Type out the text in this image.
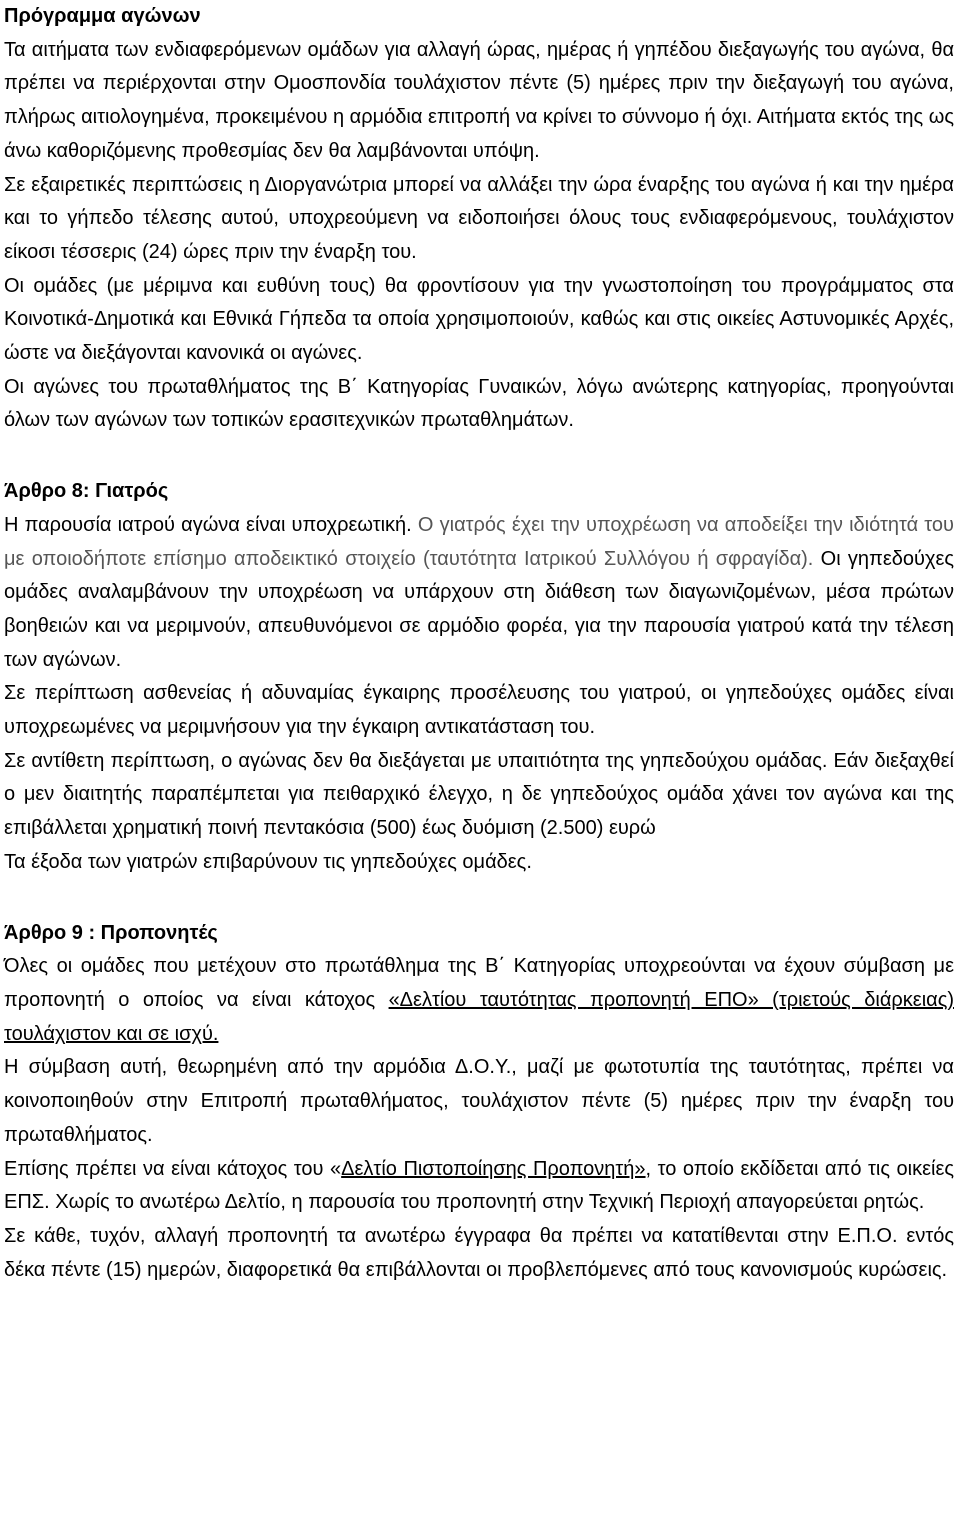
Πρόγραμμα αγώνων

Τα αιτήματα των ενδιαφερόμενων ομάδων για αλλαγή ώρας, ημέρας ή γηπέδου διεξαγωγής του αγώνα, θα πρέπει να περιέρχονται στην Ομοσπονδία τουλάχιστον πέντε (5) ημέρες πριν την διεξαγωγή του αγώνα, πλήρως αιτιολογημένα, προκειμένου η αρμόδια επιτροπή να κρίνει το σύννομο ή όχι. Αιτήματα εκτός της ως άνω καθοριζόμενης προθεσμίας δεν θα λαμβάνονται υπόψη.

Σε εξαιρετικές περιπτώσεις η Διοργανώτρια μπορεί να αλλάξει την ώρα έναρξης του αγώνα ή και την ημέρα και το γήπεδο τέλεσης αυτού, υποχρεούμενη να ειδοποιήσει όλους τους ενδιαφερόμενους, τουλάχιστον είκοσι τέσσερις (24) ώρες πριν την έναρξη του.

Οι ομάδες (με μέριμνα και ευθύνη τους) θα φροντίσουν για την γνωστοποίηση του προγράμματος στα Κοινοτικά-Δημοτικά και Εθνικά Γήπεδα τα οποία χρησιμοποιούν, καθώς και στις οικείες Αστυνομικές Αρχές, ώστε να διεξάγονται κανονικά οι αγώνες.

Οι αγώνες του πρωταθλήματος της Β΄ Κατηγορίας Γυναικών, λόγω ανώτερης κατηγορίας, προηγούνται όλων των αγώνων των τοπικών ερασιτεχνικών πρωταθλημάτων.

Άρθρο 8: Γιατρός

Η παρουσία ιατρού αγώνα είναι υποχρεωτική. Ο γιατρός έχει την υποχρέωση να αποδείξει την ιδιότητά του με οποιοδήποτε επίσημο αποδεικτικό στοιχείο (ταυτότητα Ιατρικού Συλλόγου ή σφραγίδα). Οι γηπεδούχες ομάδες αναλαμβάνουν την υποχρέωση να υπάρχουν στη διάθεση των διαγωνιζομένων, μέσα πρώτων βοηθειών και να μεριμνούν, απευθυνόμενοι σε αρμόδιο φορέα, για την παρουσία γιατρού κατά την τέλεση των αγώνων.

Σε περίπτωση ασθενείας ή αδυναμίας έγκαιρης προσέλευσης του γιατρού, οι γηπεδούχες ομάδες είναι υποχρεωμένες να μεριμνήσουν για την έγκαιρη αντικατάσταση του.

Σε αντίθετη περίπτωση, ο αγώνας δεν θα διεξάγεται με υπαιτιότητα της γηπεδούχου ομάδας. Εάν διεξαχθεί ο μεν διαιτητής παραπέμπεται για πειθαρχικό έλεγχο, η δε γηπεδούχος ομάδα χάνει τον αγώνα και της επιβάλλεται χρηματική ποινή πεντακόσια (500) έως δυόμιση (2.500) ευρώ

Τα έξοδα των γιατρών επιβαρύνουν τις γηπεδούχες ομάδες.

Άρθρο 9 : Προπονητές

Όλες οι ομάδες που μετέχουν στο πρωτάθλημα της Β΄ Κατηγορίας υποχρεούνται να έχουν σύμβαση με προπονητή ο οποίος να είναι κάτοχος «Δελτίου ταυτότητας προπονητή ΕΠΟ» (τριετούς διάρκειας) τουλάχιστον και σε ισχύ.

Η σύμβαση αυτή, θεωρημένη από την αρμόδια Δ.Ο.Υ., μαζί με φωτοτυπία της ταυτότητας, πρέπει να κοινοποιηθούν στην Επιτροπή πρωταθλήματος, τουλάχιστον πέντε (5) ημέρες πριν την έναρξη του πρωταθλήματος.

Επίσης πρέπει να είναι κάτοχος του «Δελτίο Πιστοποίησης Προπονητή», το οποίο εκδίδεται από τις οικείες ΕΠΣ. Χωρίς το ανωτέρω Δελτίο, η παρουσία του προπονητή στην Τεχνική Περιοχή απαγορεύεται ρητώς.

Σε κάθε, τυχόν, αλλαγή προπονητή τα ανωτέρω έγγραφα θα πρέπει να κατατίθενται στην Ε.Π.Ο. εντός δέκα πέντε (15) ημερών, διαφορετικά θα επιβάλλονται οι προβλεπόμενες από τους κανονισμούς κυρώσεις.
